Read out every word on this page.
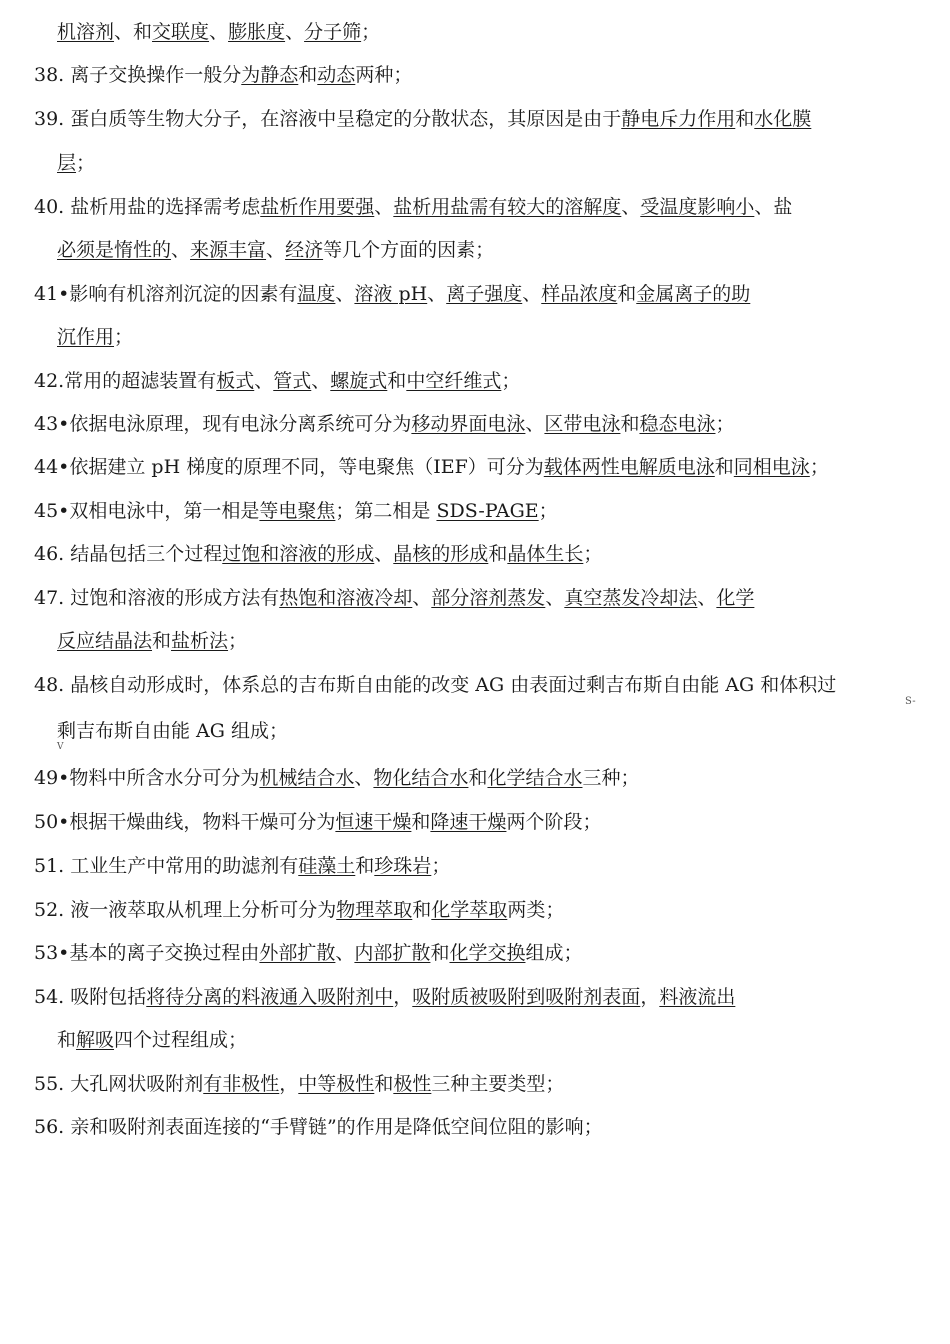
机溶剂、和交联度、膨胀度、分子筛；
38. 离子交换操作一般分为静态和动态两种；
39. 蛋白质等生物大分子，在溶液中呈稳定的分散状态，其原因是由于静电斥力作用和水化膜
层；
40. 盐析用盐的选择需考虑盐析作用要强、盐析用盐需有较大的溶解度、受温度影响小、盐
必须是惰性的、来源丰富、经济等几个方面的因素；
41•影响有机溶剂沉淀的因素有温度、溶液 pH、离子强度、样品浓度和金属离子的助
沉作用；
42.常用的超滤装置有板式、管式、螺旋式和中空纤维式；
43•依据电泳原理，现有电泳分离系统可分为移动界面电泳、区带电泳和稳态电泳；
44•依据建立 pH 梯度的原理不同，等电聚焦（IEF）可分为载体两性电解质电泳和同相电泳；
45•双相电泳中，第一相是等电聚焦；第二相是 SDS-PAGE；
46. 结晶包括三个过程过饱和溶液的形成、晶核的形成和晶体生长；
47. 过饱和溶液的形成方法有热饱和溶液冷却、部分溶剂蒸发、真空蒸发冷却法、化学
反应结晶法和盐析法；
48. 晶核自动形成时，体系总的吉布斯自由能的改变 AG 由表面过剩吉布斯自由能 AG 和体积过
剩吉布斯自由能 AG 组成；
49•物料中所含水分可分为机械结合水、物化结合水和化学结合水三种；
50•根据干燥曲线，物料干燥可分为恒速干燥和降速干燥两个阶段；
51. 工业生产中常用的助滤剂有硅藻土和珍珠岩；
52. 液一液萃取从机理上分析可分为物理萃取和化学萃取两类；
53•基本的离子交换过程由外部扩散、内部扩散和化学交换组成；
54. 吸附包括将待分离的料液通入吸附剂中，吸附质被吸附到吸附剂表面，料液流出
和解吸四个过程组成；
55. 大孔网状吸附剂有非极性，中等极性和极性三种主要类型；
56. 亲和吸附剂表面连接的“手臂链”的作用是降低空间位阻的影响；
S-
V
